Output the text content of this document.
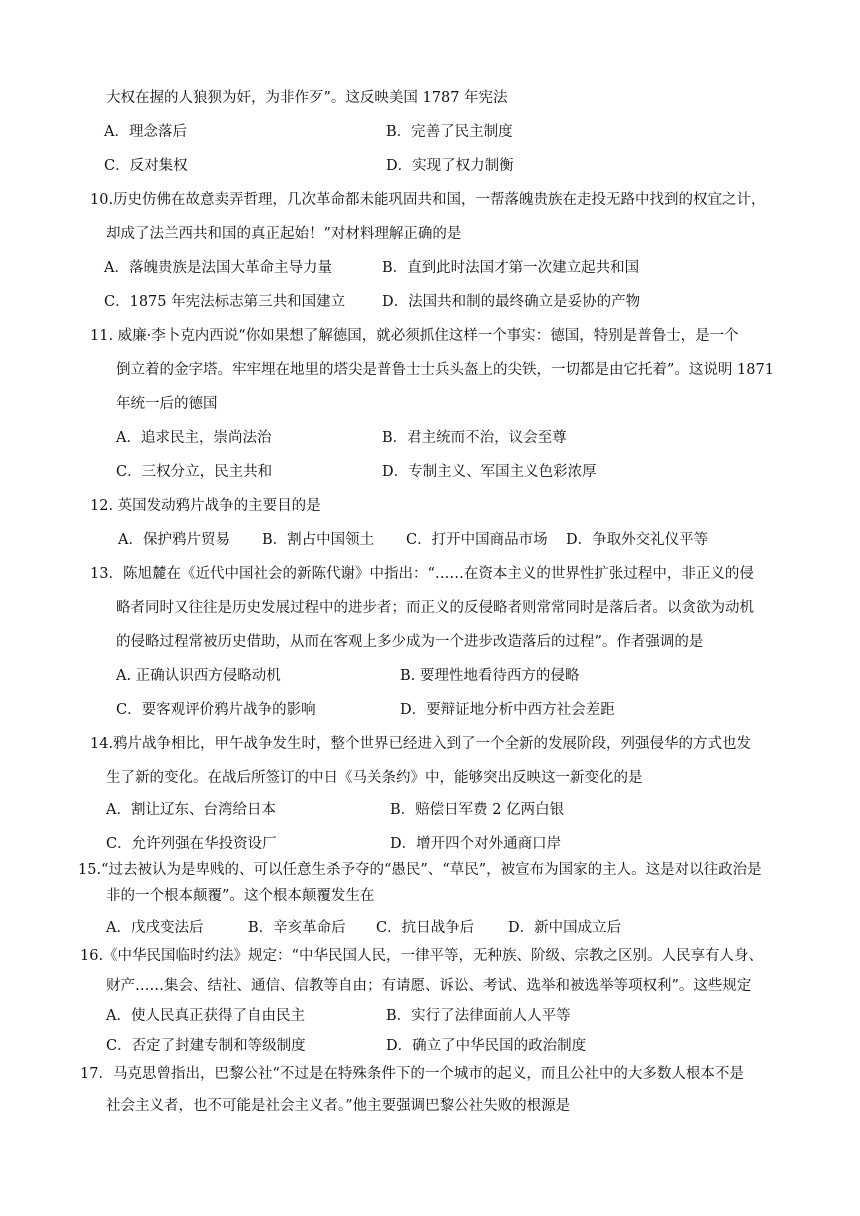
大权在握的人狼狈为奸，为非作歹”。这反映美国 1787 年宪法
A．理念落后	B．完善了民主制度
C．反对集权	D．实现了权力制衡
10.历史仿佛在故意卖弄哲理，几次革命都未能巩固共和国，一帮落魄贵族在走投无路中找到的权宜之计，
却成了法兰西共和国的真正起始！”对材料理解正确的是
A．落魄贵族是法国大革命主导力量	B．直到此时法国才第一次建立起共和国
C．1875 年宪法标志第三共和国建立	D．法国共和制的最终确立是妥协的产物
11. 威廉·李卜克内西说“你如果想了解德国，就必须抓住这样一个事实：德国，特别是普鲁士，是一个
倒立着的金字塔。牢牢埋在地里的塔尖是普鲁士士兵头盔上的尖铁，一切都是由它托着”。这说明 1871
年统一后的德国
A．追求民主，崇尚法治	B．君主统而不治，议会至尊
C．三权分立，民主共和	D．专制主义、军国主义色彩浓厚
12. 英国发动鸦片战争的主要目的是
A．保护鸦片贸易 B．割占中国领土 C．打开中国商品市场 D．争取外交礼仪平等
13．陈旭麓在《近代中国社会的新陈代谢》中指出：“……在资本主义的世界性扩张过程中，非正义的侵
略者同时又往往是历史发展过程中的进步者；而正义的反侵略者则常常同时是落后者。以贪欲为动机
的侵略过程常被历史借助，从而在客观上多少成为一个进步改造落后的过程”。作者强调的是
A. 正确认识西方侵略动机	B. 要理性地看待西方的侵略
C．要客观评价鸦片战争的影响	D．要辩证地分析中西方社会差距
14.鸦片战争相比，甲午战争发生时，整个世界已经进入到了一个全新的发展阶段，列强侵华的方式也发
生了新的变化。在战后所签订的中日《马关条约》中，能够突出反映这一新变化的是
A．割让辽东、台湾给日本	B．赔偿日军费 2 亿两白银
C．允许列强在华投资设厂	D．增开四个对外通商口岸
15.“过去被认为是卑贱的、可以任意生杀予夺的“愚民”、“草民”，被宣布为国家的主人。这是对以往政治是
非的一个根本颠覆”。这个根本颠覆发生在
A．戊戌变法后	B．辛亥革命后 C．抗日战争后 D．新中国成立后
16.《中华民国临时约法》规定：“中华民国人民，一律平等，无种族、阶级、宗教之区别。人民享有人身、
财产……集会、结社、通信、信教等自由；有请愿、诉讼、考试、选举和被选举等项权利”。这些规定
A．使人民真正获得了自由民主	B．实行了法律面前人人平等
C．否定了封建专制和等级制度	D．确立了中华民国的政治制度
17．马克思曾指出，巴黎公社“不过是在特殊条件下的一个城市的起义，而且公社中的大多数人根本不是
社会主义者，也不可能是社会主义者。”他主要强调巴黎公社失败的根源是
